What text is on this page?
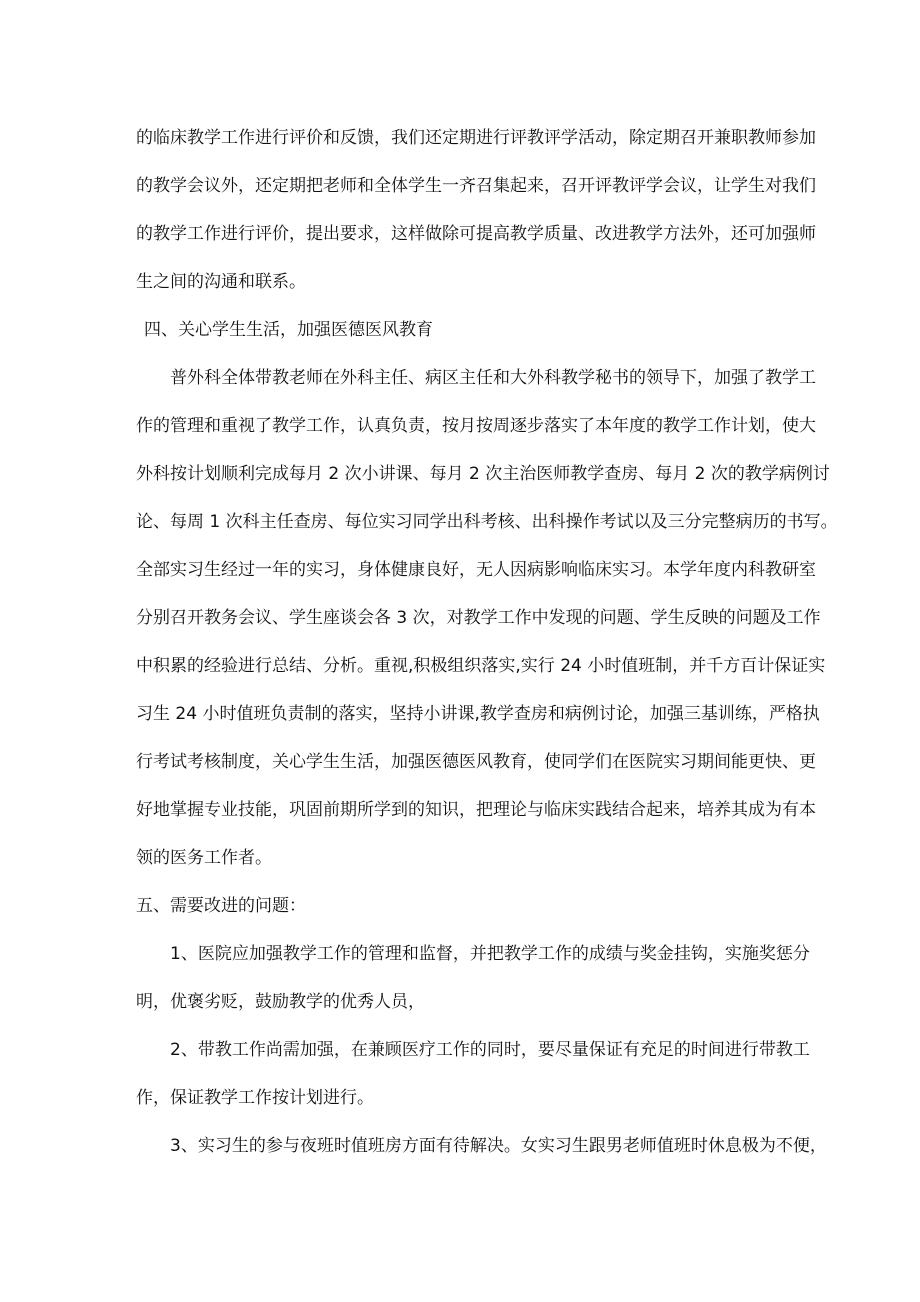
的临床教学工作进行评价和反馈，我们还定期进行评教评学活动，除定期召开兼职教师参加
的教学会议外，还定期把老师和全体学生一齐召集起来，召开评教评学会议，让学生对我们
的教学工作进行评价，提出要求，这样做除可提高教学质量、改进教学方法外，还可加强师
生之间的沟通和联系。
四、关心学生生活，加强医德医风教育
普外科全体带教老师在外科主任、病区主任和大外科教学秘书的领导下，加强了教学工
作的管理和重视了教学工作，认真负责，按月按周逐步落实了本年度的教学工作计划，使大
外科按计划顺利完成每月 2 次小讲课、每月 2 次主治医师教学查房、每月 2 次的教学病例讨
论、每周 1 次科主任查房、每位实习同学出科考核、出科操作考试以及三分完整病历的书写。
全部实习生经过一年的实习，身体健康良好，无人因病影响临床实习。本学年度内科教研室
分别召开教务会议、学生座谈会各 3 次，对教学工作中发现的问题、学生反映的问题及工作
中积累的经验进行总结、分析。重视,积极组织落实,实行 24 小时值班制，并千方百计保证实
习生 24 小时值班负责制的落实，坚持小讲课,教学查房和病例讨论，加强三基训练，严格执
行考试考核制度，关心学生生活，加强医德医风教育，使同学们在医院实习期间能更快、更
好地掌握专业技能，巩固前期所学到的知识，把理论与临床实践结合起来，培养其成为有本
领的医务工作者。
五、需要改进的问题：
1、医院应加强教学工作的管理和监督，并把教学工作的成绩与奖金挂钩，实施奖惩分
明，优褒劣贬，鼓励教学的优秀人员，
2、带教工作尚需加强，在兼顾医疗工作的同时，要尽量保证有充足的时间进行带教工
作，保证教学工作按计划进行。
3、实习生的参与夜班时值班房方面有待解决。女实习生跟男老师值班时休息极为不便，
